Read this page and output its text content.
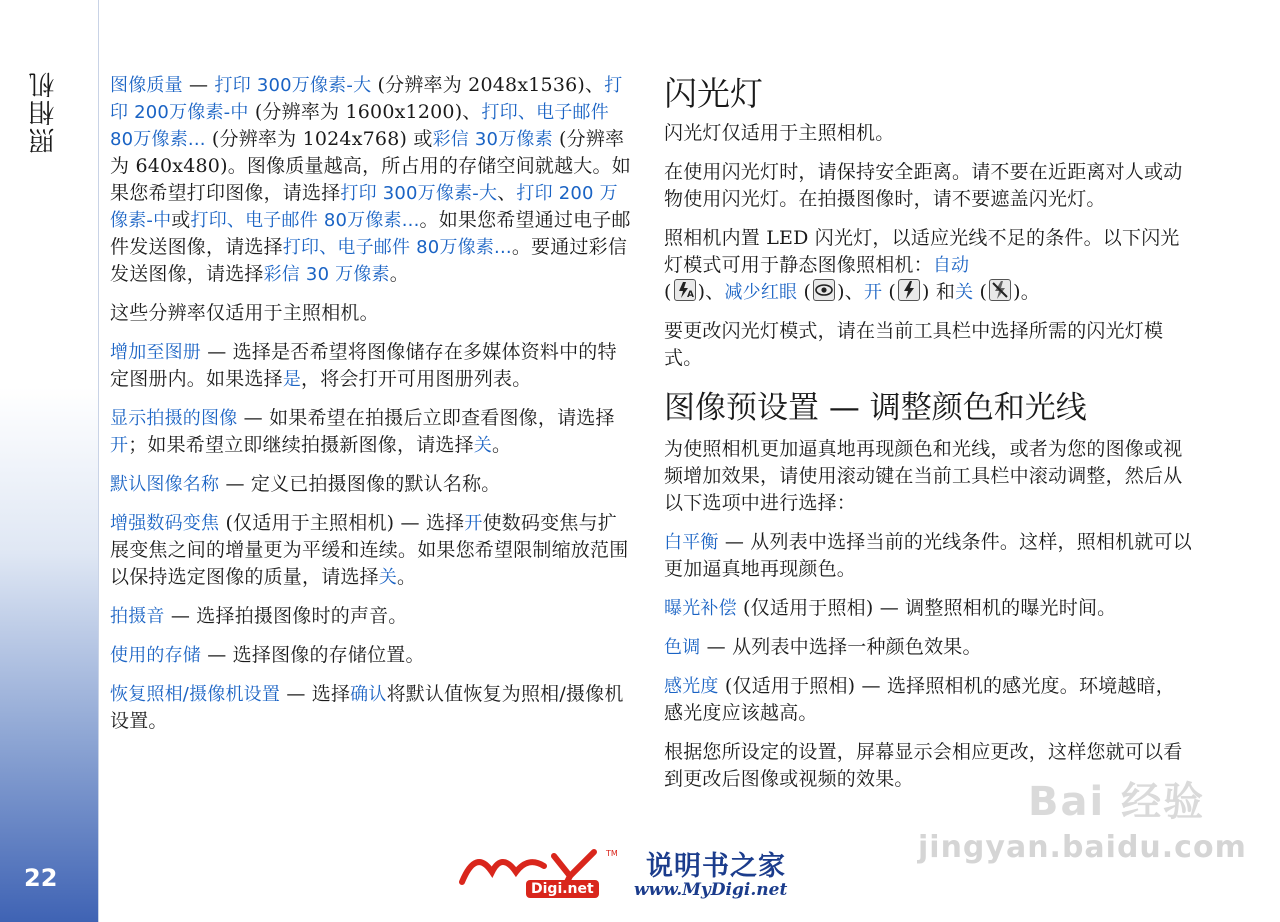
照相机
22

图像质量 — 打印 300万像素-大 (分辨率为 2048x1536)、打印 200万像素-中 (分辨率为 1600x1200)、打印、电子邮件 80万像素... (分辨率为 1024x768) 或彩信 30万像素 (分辨率为 640x480)。图像质量越高，所占用的存储空间就越大。如果您希望打印图像，请选择打印 300万像素-大、打印 200 万像素-中或打印、电子邮件 80万像素...。如果您希望通过电子邮件发送图像，请选择打印、电子邮件 80万像素...。要通过彩信发送图像，请选择彩信 30 万像素。

这些分辨率仅适用于主照相机。

增加至图册 — 选择是否希望将图像储存在多媒体资料中的特定图册内。如果选择是，将会打开可用图册列表。

显示拍摄的图像 — 如果希望在拍摄后立即查看图像，请选择开；如果希望立即继续拍摄新图像，请选择关。

默认图像名称 — 定义已拍摄图像的默认名称。

增强数码变焦 (仅适用于主照相机) — 选择开使数码变焦与扩展变焦之间的增量更为平缓和连续。如果您希望限制缩放范围以保持选定图像的质量，请选择关。

拍摄音 — 选择拍摄图像时的声音。

使用的存储 — 选择图像的存储位置。

恢复照相/摄像机设置 — 选择确认将默认值恢复为照相/摄像机设置。

闪光灯

闪光灯仅适用于主照相机。

在使用闪光灯时，请保持安全距离。请不要在近距离对人或动物使用闪光灯。在拍摄图像时，请不要遮盖闪光灯。

照相机内置 LED 闪光灯，以适应光线不足的条件。以下闪光灯模式可用于静态图像照相机：自动
( A )、减少红眼 ( )、开 ( ) 和关 ( )。

要更改闪光灯模式，请在当前工具栏中选择所需的闪光灯模式。

图像预设置 — 调整颜色和光线

为使照相机更加逼真地再现颜色和光线，或者为您的图像或视频增加效果，请使用滚动键在当前工具栏中滚动调整，然后从以下选项中进行选择：

白平衡 — 从列表中选择当前的光线条件。这样，照相机就可以更加逼真地再现颜色。

曝光补偿 (仅适用于照相) — 调整照相机的曝光时间。

色调 — 从列表中选择一种颜色效果。

感光度 (仅适用于照相) — 选择照相机的感光度。环境越暗，感光度应该越高。

根据您所设定的设置，屏幕显示会相应更改，这样您就可以看到更改后图像或视频的效果。

TM
Digi.net
说明书之家
www.MyDigi.net
Bai 经验
jingyan.baidu.com
